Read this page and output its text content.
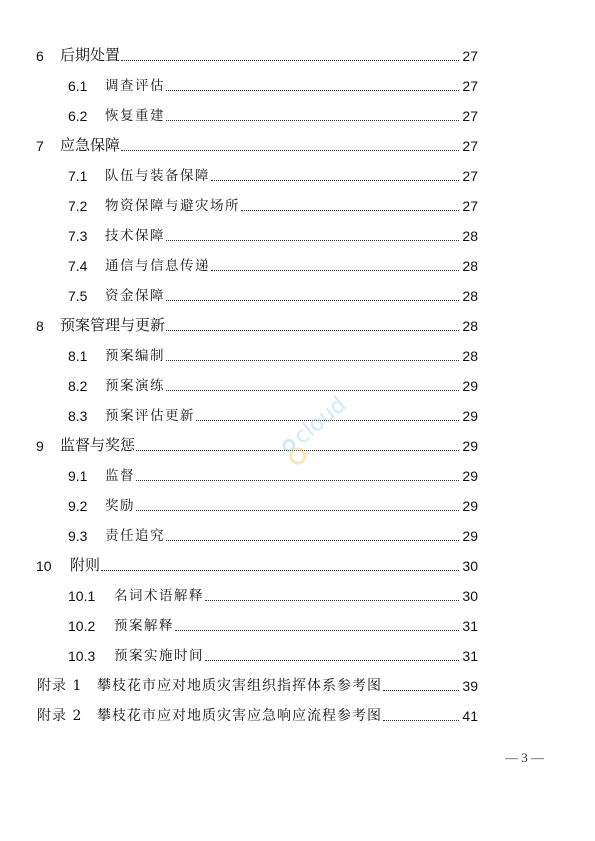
6	后期处置	27
6.1	调查评估	27
6.2	恢复重建	27
7	应急保障	27
7.1	队伍与装备保障	27
7.2	物资保障与避灾场所	27
7.3	技术保障	28
7.4	通信与信息传递	28
7.5	资金保障	28
8	预案管理与更新	28
8.1	预案编制	28
8.2	预案演练	29
8.3	预案评估更新	29
9	监督与奖惩	29
9.1	监督	29
9.2	奖励	29
9.3	责任追究	29
10	附则	30
10.1	名词术语解释	30
10.2	预案解释	31
10.3	预案实施时间	31
附录 1	攀枝花市应对地质灾害组织指挥体系参考图	39
附录 2	攀枝花市应对地质灾害应急响应流程参考图	41
cloud
— 3 —
